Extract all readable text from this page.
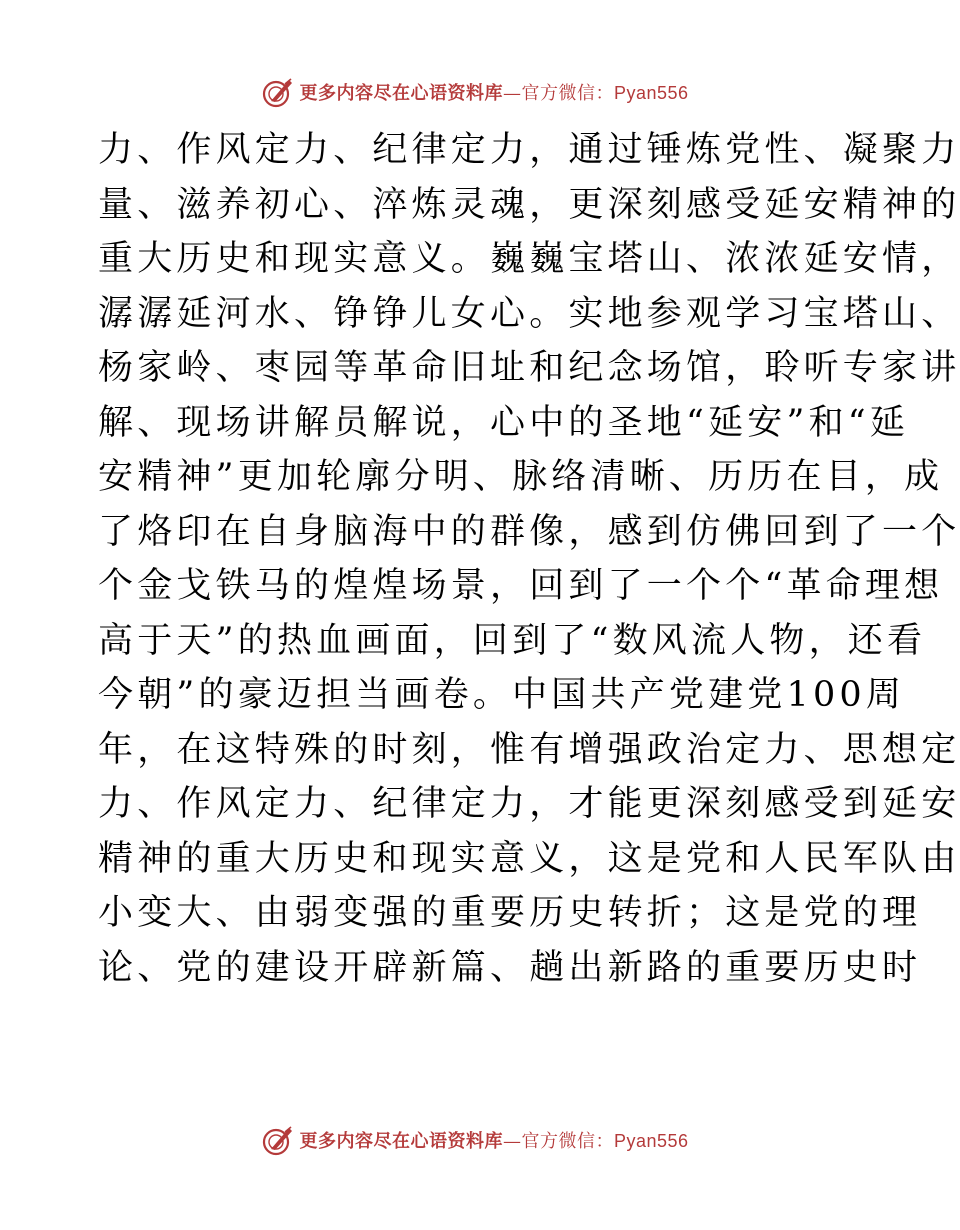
更多内容尽在心语资料库—官方微信：Pyan556
力、作风定力、纪律定力，通过锤炼党性、凝聚力
量、滋养初心、淬炼灵魂，更深刻感受延安精神的
重大历史和现实意义。巍巍宝塔山、浓浓延安情，
潺潺延河水、铮铮儿女心。实地参观学习宝塔山、
杨家岭、枣园等革命旧址和纪念场馆，聆听专家讲
解、现场讲解员解说，心中的圣地“延安”和“延
安精神”更加轮廓分明、脉络清晰、历历在目，成
了烙印在自身脑海中的群像，感到仿佛回到了一个
个金戈铁马的煌煌场景，回到了一个个“革命理想
高于天”的热血画面，回到了“数风流人物，还看
今朝”的豪迈担当画卷。中国共产党建党100周
年，在这特殊的时刻，惟有增强政治定力、思想定
力、作风定力、纪律定力，才能更深刻感受到延安
精神的重大历史和现实意义，这是党和人民军队由
小变大、由弱变强的重要历史转折；这是党的理
论、党的建设开辟新篇、趟出新路的重要历史时
更多内容尽在心语资料库—官方微信：Pyan556
